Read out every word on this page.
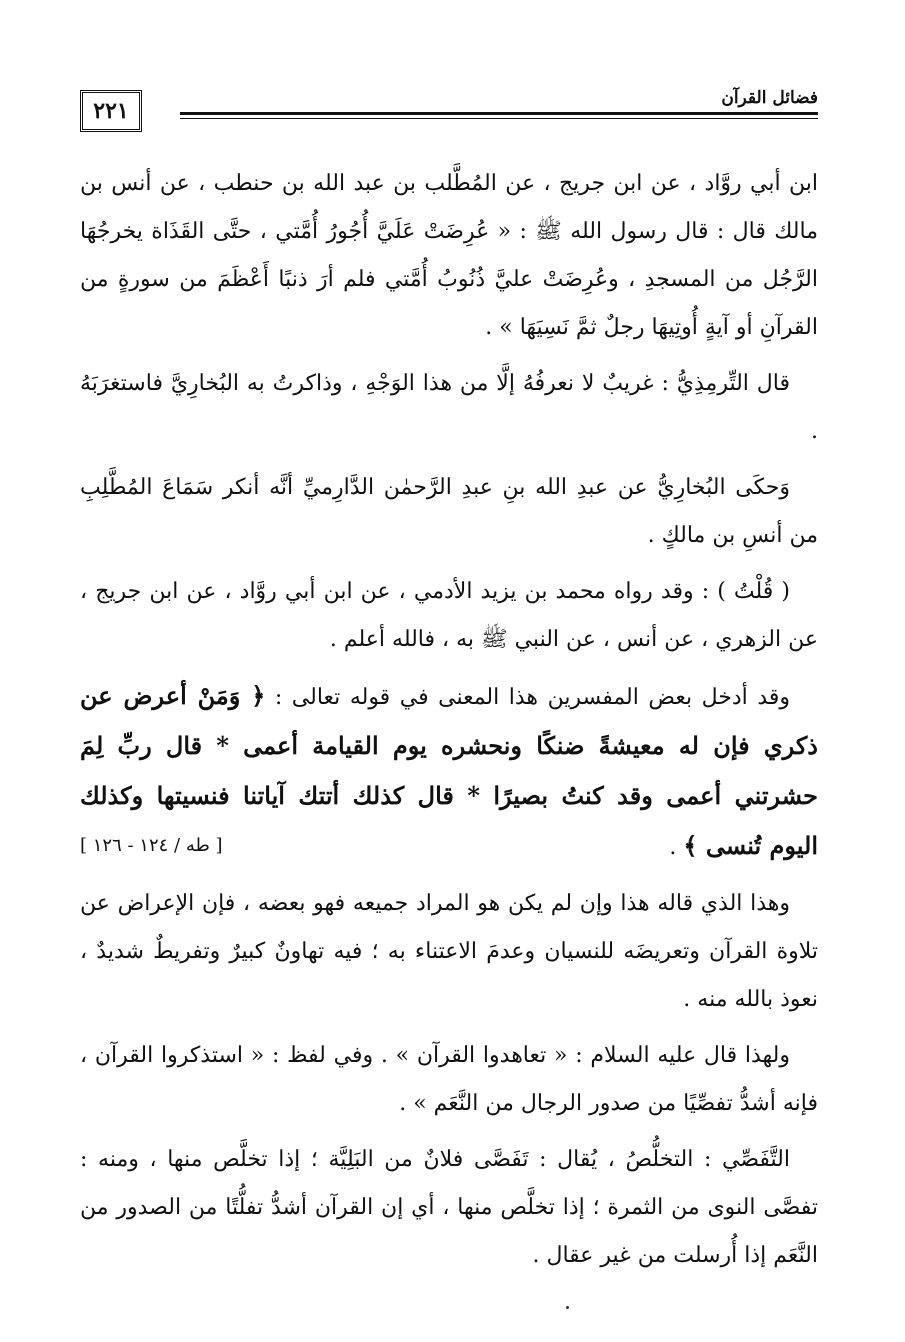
٢٢١	فضائل القرآن

ابن أبي روَّاد ، عن ابن جريج ، عن المُطَّلب بن عبد الله بن حنطب ، عن أنس بن مالك قال : قال رسول الله ﷺ : « عُرِضَتْ عَلَيَّ أُجُورُ أُمَّتي ، حتَّى القَذَاة يخرجُهَا الرَّجُل من المسجدِ ، وعُرِضَتْ عليَّ ذُنُوبُ أُمَّتي فلم أرَ ذنبًا أَعْظَمَ من سورةٍ من القرآنِ أو آيةٍ أُوتِيهَا رجلٌ ثمَّ نَسِيَهَا » .

قال التِّرمِذِيُّ : غريبٌ لا نعرفُهُ إلَّا من هذا الوَجْهِ ، وذاكرتُ به البُخارِيَّ فاستغرَبَهُ .

وَحكَى البُخارِيُّ عن عبدِ الله بنِ عبدِ الرَّحمٰن الدَّارِميِّ أنَّه أنكر سَمَاعَ المُطَّلِبِ من أنسِ بن مالكٍ .

( قُلْتُ ) : وقد رواه محمد بن يزيد الأدمي ، عن ابن أبي روَّاد ، عن ابن جريج ، عن الزهري ، عن أنس ، عن النبي ﷺ به ، فالله أعلم .

وقد أدخل بعض المفسرين هذا المعنى في قوله تعالى : ﴿ وَمَنْ أعرض عن ذكري فإن له معيشةً ضنكًا ونحشره يوم القيامة أعمى * قال ربِّ لِمَ حشرتني أعمى وقد كنتُ بصيرًا * قال كذلك أتتك آياتنا فنسيتها وكذلك اليوم تُنسى ﴾ .
[ طه / ١٢٤ - ١٢٦ ]

وهذا الذي قاله هذا وإن لم يكن هو المراد جميعه فهو بعضه ، فإن الإعراض عن تلاوة القرآن وتعريضَه للنسيان وعدمَ الاعتناء به ؛ فيه تهاونٌ كبيرٌ وتفريطٌ شديدٌ ، نعوذ بالله منه .

ولهذا قال عليه السلام : « تعاهدوا القرآن » . وفي لفظ : « استذكروا القرآن ، فإنه أشدُّ تفصِّيًا من صدور الرجال من النَّعَم » .

التَّفَصِّي : التخلُّصُ ، يُقال : تَفَصَّى فلانٌ من البَلِيَّة ؛ إذا تخلَّص منها ، ومنه : تفصَّى النوى من الثمرة ؛ إذا تخلَّص منها ، أي إن القرآن أشدُّ تفلُّتًا من الصدور من النَّعَم إذا أُرسلت من غير عقال .
